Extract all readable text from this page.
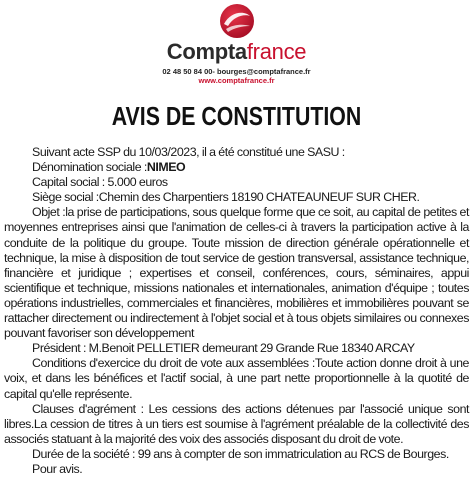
Comptafrance
02 48 50 84 00- bourges@comptafrance.fr
www.comptafrance.fr
AVIS DE CONSTITUTION

Suivant acte SSP du 10/03/2023, il a été constitué une SASU :

Dénomination sociale :NIMEO

Capital social : 5.000 euros

Siège social :Chemin des Charpentiers 18190 CHATEAUNEUF SUR CHER.

Objet :la prise de participations, sous quelque forme que ce soit, au capital de petites et moyennes entreprises ainsi que l'animation de celles-ci à travers la participation active à la conduite de la politique du groupe. Toute mission de direction générale opérationnelle et technique, la mise à disposition de tout service de gestion transversal, assistance technique, financière et juridique ; expertises et conseil, conférences, cours, séminaires, appui scientifique et technique, missions nationales et internationales, animation d'équipe ; toutes opérations industrielles, commerciales et financières, mobilières et immobilières pouvant se rattacher directement ou indirectement à l'objet social et à tous objets similaires ou connexes pouvant favoriser son développement

Président : M.Benoit PELLETIER demeurant 29 Grande Rue 18340 ARCAY

Conditions d'exercice du droit de vote aux assemblées :Toute action donne droit à une voix, et dans les bénéfices et l'actif social, à une part nette proportionnelle à la quotité de capital qu'elle représente.

Clauses d'agrément : Les cessions des actions détenues par l'associé unique sont libres.La cession de titres à un tiers est soumise à l'agrément préalable de la collectivité des associés statuant à la majorité des voix des associés disposant du droit de vote.

Durée de la société : 99 ans à compter de son immatriculation au RCS de Bourges.

Pour avis.
